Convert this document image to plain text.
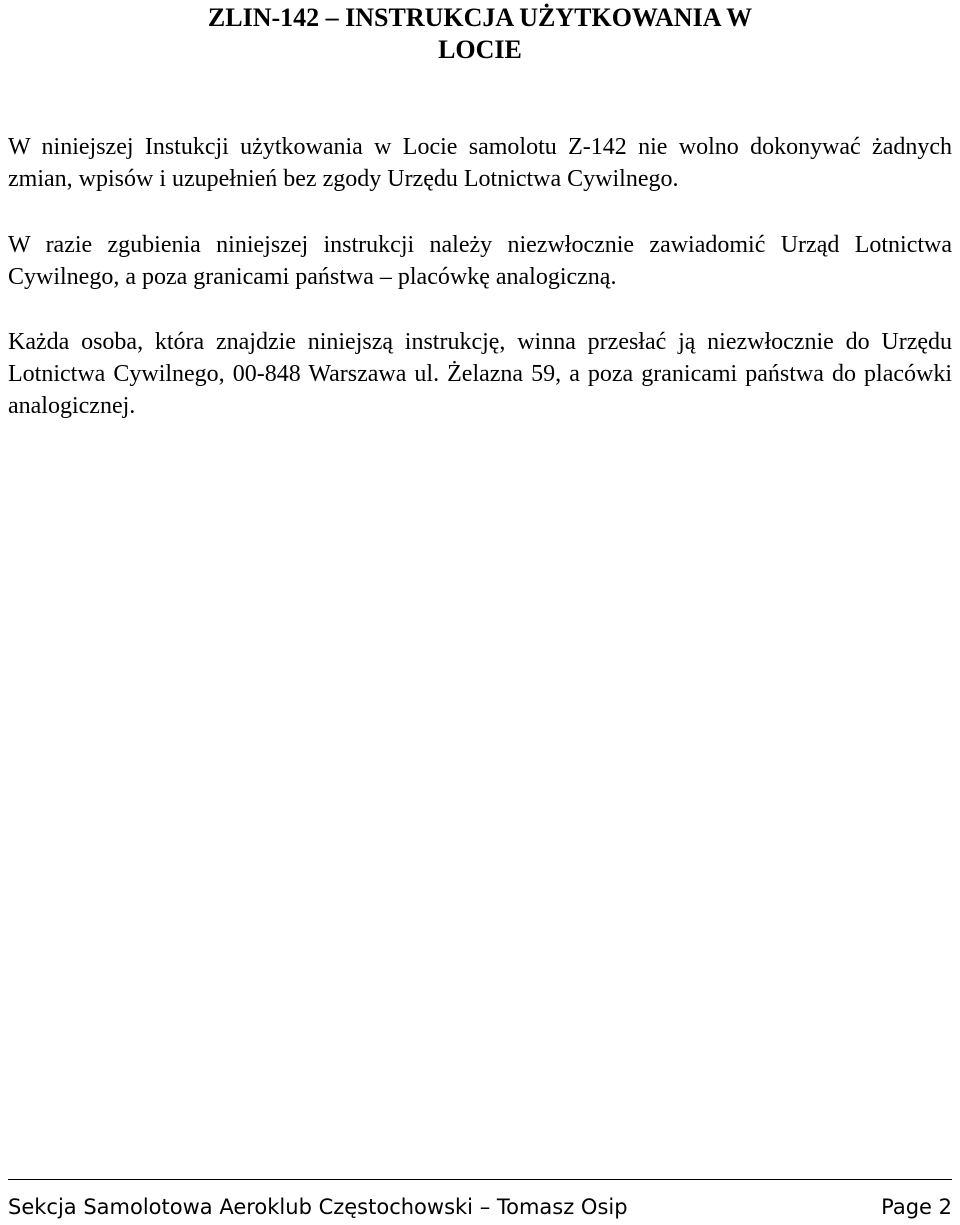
ZLIN-142 – INSTRUKCJA UŻYTKOWANIA W
LOCIE

W niniejszej Instukcji użytkowania w Locie samolotu Z-142 nie wolno dokonywać żadnych zmian, wpisów i uzupełnień bez zgody Urzędu Lotnictwa Cywilnego.

W razie zgubienia niniejszej instrukcji należy niezwłocznie zawiadomić Urząd Lotnictwa Cywilnego, a poza granicami państwa – placówkę analogiczną.

Każda osoba, która znajdzie niniejszą instrukcję, winna przesłać ją niezwłocznie do Urzędu Lotnictwa Cywilnego, 00-848 Warszawa ul. Żelazna 59, a poza granicami państwa do placówki analogicznej.

Sekcja Samolotowa Aeroklub Częstochowski – Tomasz Osip	Page 2
